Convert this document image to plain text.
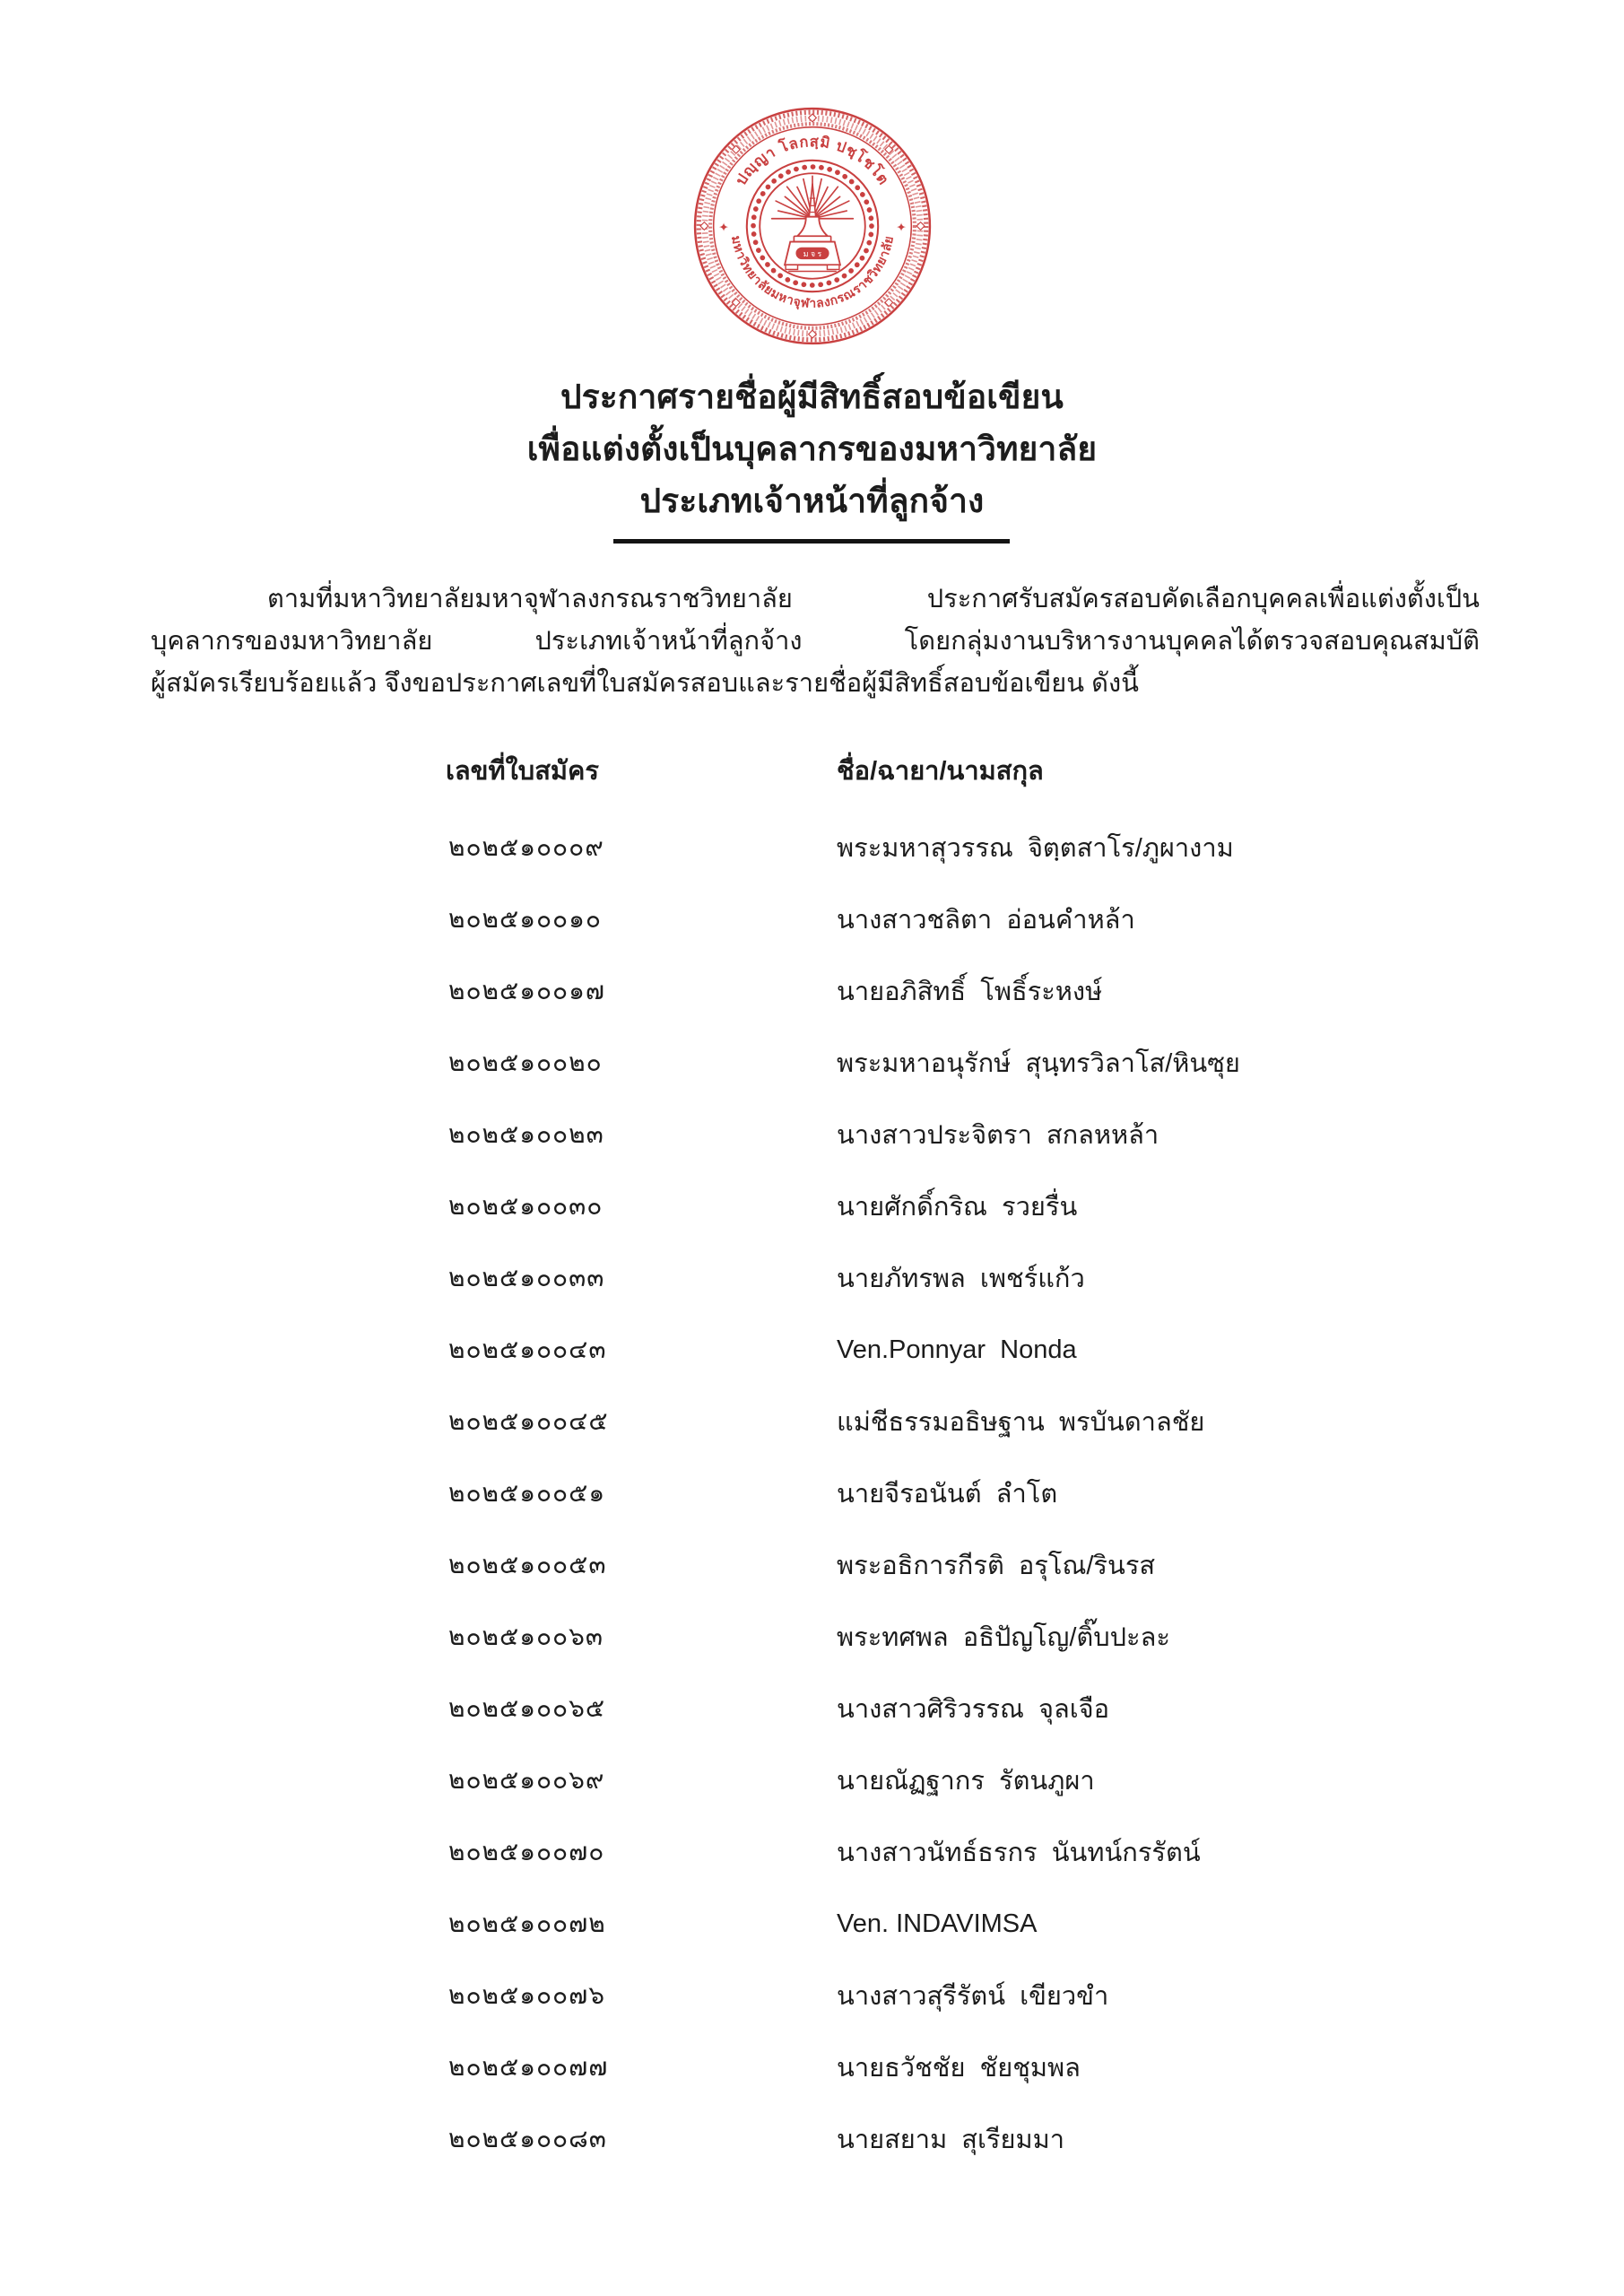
ปญฺญา โลกสฺมิ ปชฺโชโต
มหาวิทยาลัยมหาจุฬาลงกรณราชวิทยาลัย
✦	✦
ม จ ร
ประกาศรายชื่อผู้มีสิทธิ์สอบข้อเขียน
เพื่อแต่งตั้งเป็นบุคลากรของมหาวิทยาลัย
ประเภทเจ้าหน้าที่ลูกจ้าง
ตามที่มหาวิทยาลัยมหาจุฬาลงกรณราชวิทยาลัย ประกาศรับสมัครสอบคัดเลือกบุคคลเพื่อแต่งตั้งเป็น
บุคลากรของมหาวิทยาลัย ประเภทเจ้าหน้าที่ลูกจ้าง โดยกลุ่มงานบริหารงานบุคคลได้ตรวจสอบคุณสมบัติ
ผู้สมัครเรียบร้อยแล้ว จึงขอประกาศเลขที่ใบสมัครสอบและรายชื่อผู้มีสิทธิ์สอบข้อเขียน ดังนี้
เลขที่ใบสมัคร	ชื่อ/ฉายา/นามสกุล
๒๐๒๕๑๐๐๐๙	พระมหาสุวรรณ  จิตฺตสาโร/ภูผางาม
๒๐๒๕๑๐๐๑๐	นางสาวชลิตา  อ่อนคำหล้า
๒๐๒๕๑๐๐๑๗	นายอภิสิทธิ์  โพธิ์ระหงษ์
๒๐๒๕๑๐๐๒๐	พระมหาอนุรักษ์  สุนฺทรวิลาโส/หินซุย
๒๐๒๕๑๐๐๒๓	นางสาวประจิตรา  สกลหหล้า
๒๐๒๕๑๐๐๓๐	นายศักดิ์กริณ  รวยรื่น
๒๐๒๕๑๐๐๓๓	นายภัทรพล  เพชร์แก้ว
๒๐๒๕๑๐๐๔๓	Ven.Ponnyar  Nonda
๒๐๒๕๑๐๐๔๕	แม่ชีธรรมอธิษฐาน  พรบันดาลชัย
๒๐๒๕๑๐๐๕๑	นายจีรอนันต์  ลำโต
๒๐๒๕๑๐๐๕๓	พระอธิการกีรติ  อรุโณ/รินรส
๒๐๒๕๑๐๐๖๓	พระทศพล  อธิปัญโญ/ติ๊บปะละ
๒๐๒๕๑๐๐๖๕	นางสาวศิริวรรณ  จุลเจือ
๒๐๒๕๑๐๐๖๙	นายณัฏฐากร  รัตนภูผา
๒๐๒๕๑๐๐๗๐	นางสาวนัทธ์ธรกร  นันทน์กรรัตน์
๒๐๒๕๑๐๐๗๒	Ven. INDAVIMSA
๒๐๒๕๑๐๐๗๖	นางสาวสุรีรัตน์  เขียวขำ
๒๐๒๕๑๐๐๗๗	นายธวัชชัย  ชัยชุมพล
๒๐๒๕๑๐๐๘๓	นายสยาม  สุเรียมมา
